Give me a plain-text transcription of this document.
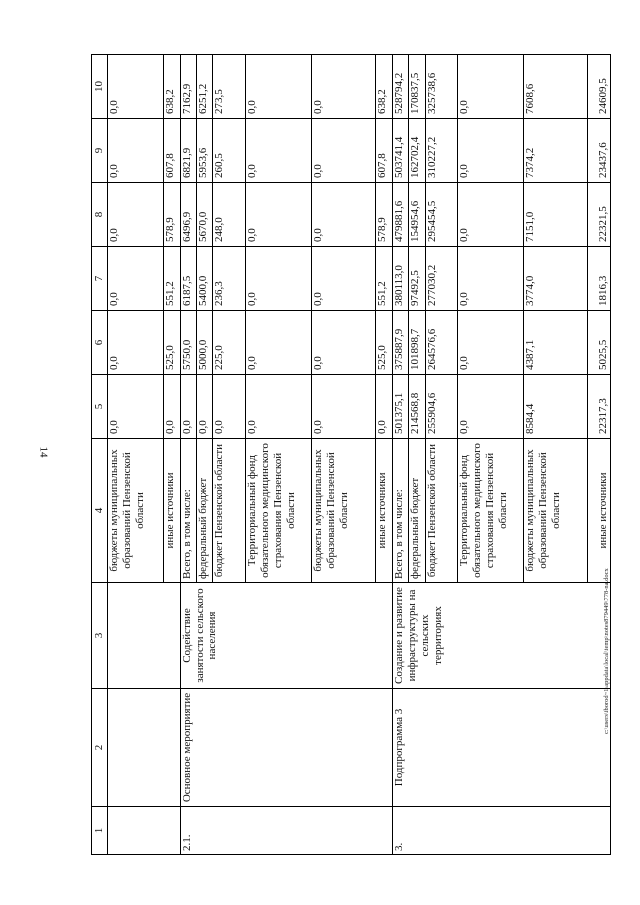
14
c:\users\iborod~1\appdata\local\temp\notes879449\778-na.docx
1	2	3	4	5	6	7	8	9	10
			бюджеты муниципальных образований Пензенской области	0,0	0,0	0,0	0,0	0,0	0,0
			иные источники	0,0	525,0	551,2	578,9	607,8	638,2
2.1.	Основное мероприятие	Содействие занятости сельского населения	Всего, в том числе:	0,0	5750,0	6187,5	6496,9	6821,9	7162,9
			федеральный бюджет	0,0	5000,0	5400,0	5670,0	5953,6	6251,2
			бюджет Пензенской области	0,0	225,0	236,3	248,0	260,5	273,5
			Территориальный фонд обязательного медицинского страхования Пензенской области	0,0	0,0	0,0	0,0	0,0	0,0
			бюджеты муниципальных образований Пензенской области	0,0	0,0	0,0	0,0	0,0	0,0
			иные источники	0,0	525,0	551,2	578,9	607,8	638,2
3.	Подпрограмма 3	Создание и развитие инфраструктуры на сельских территориях	Всего, в том числе:	501375,1	375887,9	380113,0	479881,6	503741,4	528794,2
			федеральный бюджет	214568,8	101898,7	97492,5	154954,6	162702,4	170837,5
			бюджет Пензенской области	255904,6	264576,6	277030,2	295454,5	310227,2	325738,6
			Территориальный фонд обязательного медицинского страхования Пензенской области	0,0	0,0	0,0	0,0	0,0	0,0
			бюджеты муниципальных образований Пензенской области	8584,4	4387,1	3774,0	7151,0	7374,2	7608,6
			иные источники	22317,3	5025,5	1816,3	22321,5	23437,6	24609,5
